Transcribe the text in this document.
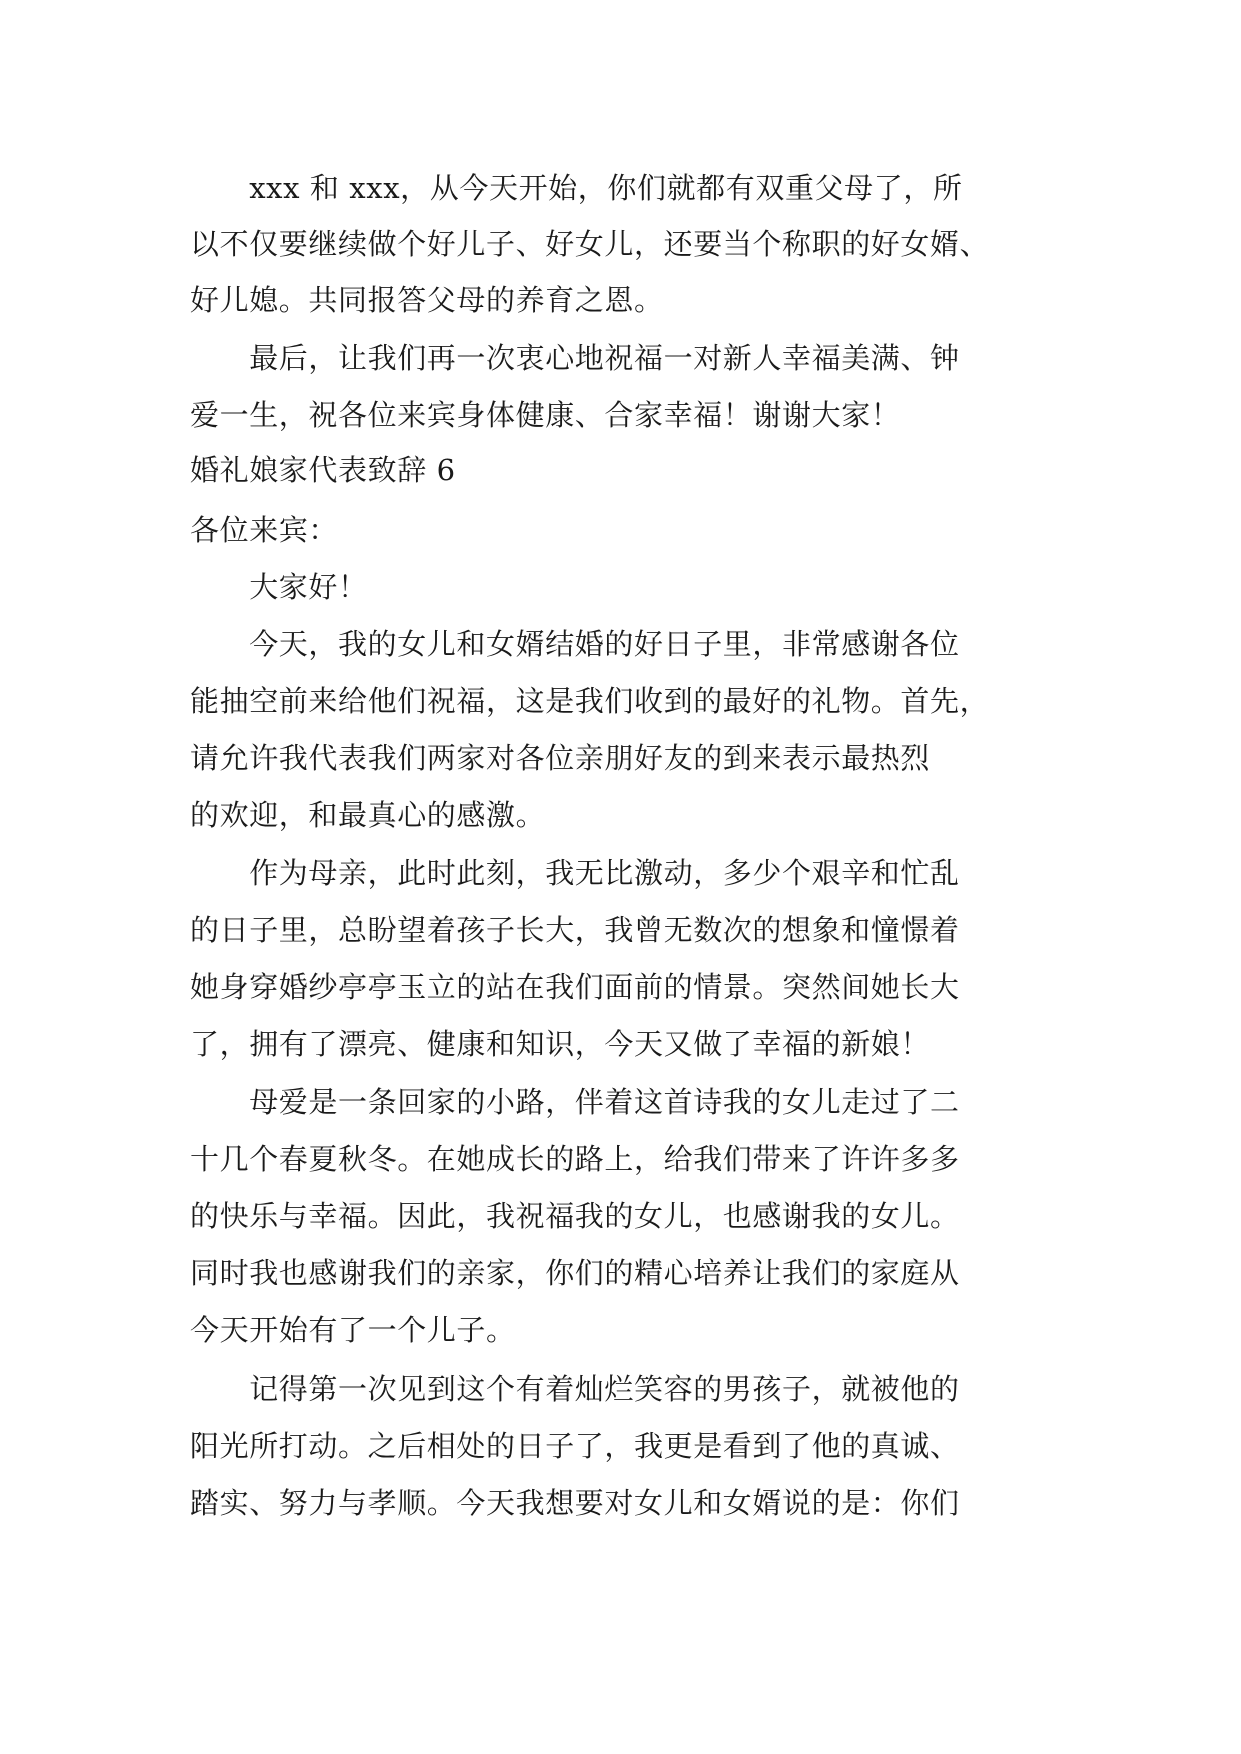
　　xxx 和 xxx，从今天开始，你们就都有双重父母了，所
以不仅要继续做个好儿子、好女儿，还要当个称职的好女婿、
好儿媳。共同报答父母的养育之恩。
　　最后，让我们再一次衷心地祝福一对新人幸福美满、钟
爱一生，祝各位来宾身体健康、合家幸福！谢谢大家！
婚礼娘家代表致辞 6
各位来宾：
　　大家好！
　　今天，我的女儿和女婿结婚的好日子里，非常感谢各位
能抽空前来给他们祝福，这是我们收到的最好的礼物。首先，
请允许我代表我们两家对各位亲朋好友的到来表示最热烈
的欢迎，和最真心的感激。
　　作为母亲，此时此刻，我无比激动，多少个艰辛和忙乱
的日子里，总盼望着孩子长大，我曾无数次的想象和憧憬着
她身穿婚纱亭亭玉立的站在我们面前的情景。突然间她长大
了，拥有了漂亮、健康和知识，今天又做了幸福的新娘！
　　母爱是一条回家的小路，伴着这首诗我的女儿走过了二
十几个春夏秋冬。在她成长的路上，给我们带来了许许多多
的快乐与幸福。因此，我祝福我的女儿，也感谢我的女儿。
同时我也感谢我们的亲家，你们的精心培养让我们的家庭从
今天开始有了一个儿子。
　　记得第一次见到这个有着灿烂笑容的男孩子，就被他的
阳光所打动。之后相处的日子了，我更是看到了他的真诚、
踏实、努力与孝顺。今天我想要对女儿和女婿说的是：你们
